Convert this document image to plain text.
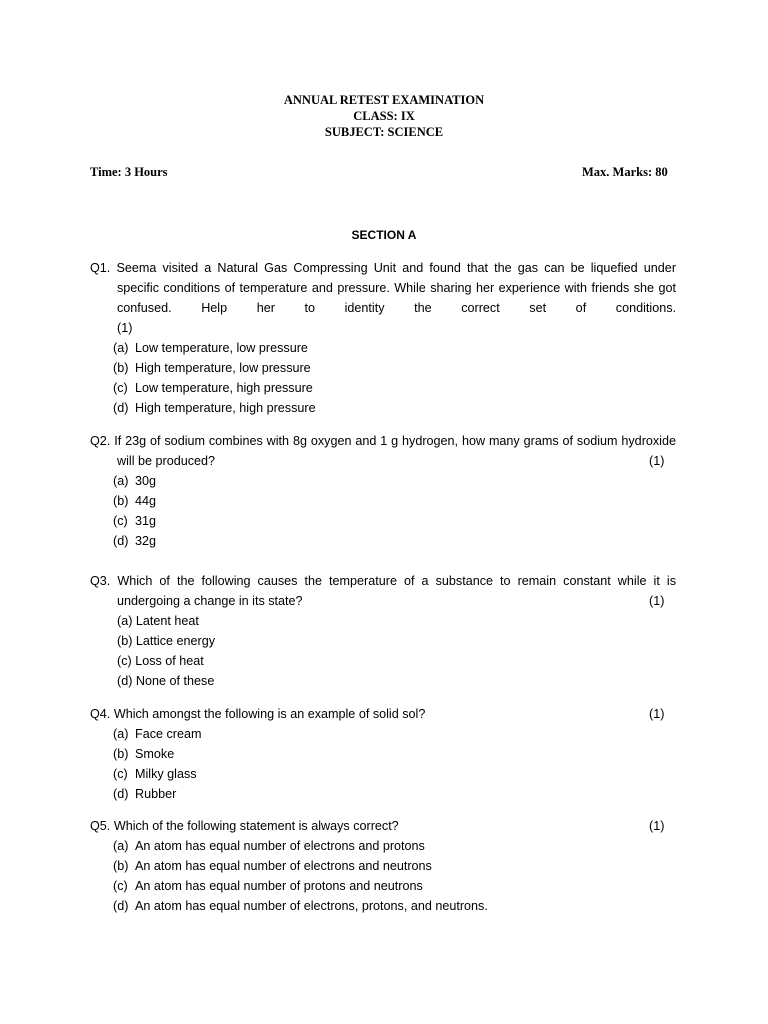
ANNUAL RETEST EXAMINATION
CLASS: IX
SUBJECT: SCIENCE
Time: 3 Hours	Max. Marks: 80
SECTION A
Q1. Seema visited a Natural Gas Compressing Unit and found that the gas can be liquefied under specific conditions of temperature and pressure. While sharing her experience with friends she got confused. Help her to identity the correct set of conditions.
(1)
(a) Low temperature, low pressure
(b) High temperature, low pressure
(c) Low temperature, high pressure
(d) High temperature, high pressure
Q2. If 23g of sodium combines with 8g oxygen and 1 g hydrogen, how many grams of sodium hydroxide will be produced?	(1)
(a) 30g
(b) 44g
(c) 31g
(d) 32g
Q3. Which of the following causes the temperature of a substance to remain constant while it is undergoing a change in its state?	(1)
(a) Latent heat
(b) Lattice energy
(c) Loss of heat
(d) None of these
Q4. Which amongst the following is an example of solid sol?	(1)
(a) Face cream
(b) Smoke
(c) Milky glass
(d) Rubber
Q5. Which of the following statement is always correct?	(1)
(a) An atom has equal number of electrons and protons
(b) An atom has equal number of electrons and neutrons
(c) An atom has equal number of protons and neutrons
(d) An atom has equal number of electrons, protons, and neutrons.
